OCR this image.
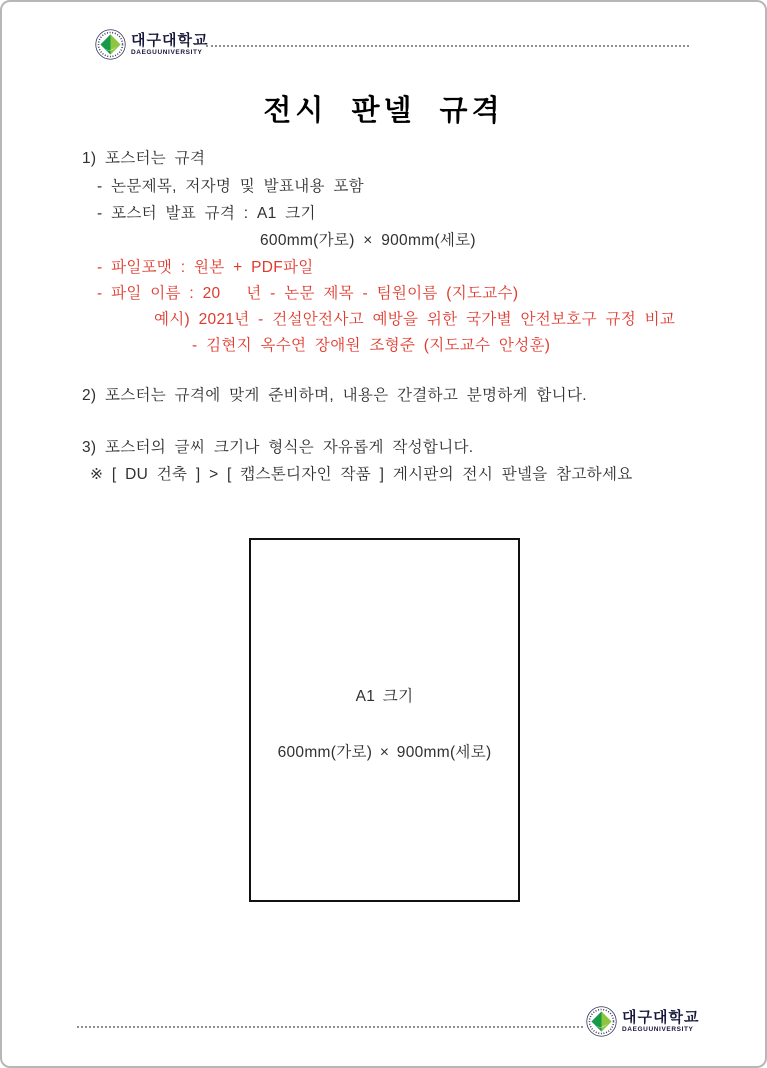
대구대학교
DAEGUUNIVERSITY
전시 판넬 규격
1) 포스터는 규격
- 논문제목, 저자명 및 발표내용 포함
- 포스터 발표 규격 : A1 크기
600mm(가로) × 900mm(세로)
- 파일포맷 : 원본 + PDF파일
- 파일 이름 : 20   년 - 논문 제목 - 팀원이름 (지도교수)
예시) 2021년 - 건설안전사고 예방을 위한 국가별 안전보호구 규정 비교
- 김현지 옥수연 장애원 조형준 (지도교수 안성훈)
2) 포스터는 규격에 맞게 준비하며, 내용은 간결하고 분명하게 합니다.
3) 포스터의 글씨 크기나 형식은 자유롭게 작성합니다.
※ [ DU 건축 ] > [ 캡스톤디자인 작품 ] 게시판의 전시 판넬을 참고하세요
A1 크기
600mm(가로) × 900mm(세로)
대구대학교
DAEGUUNIVERSITY
